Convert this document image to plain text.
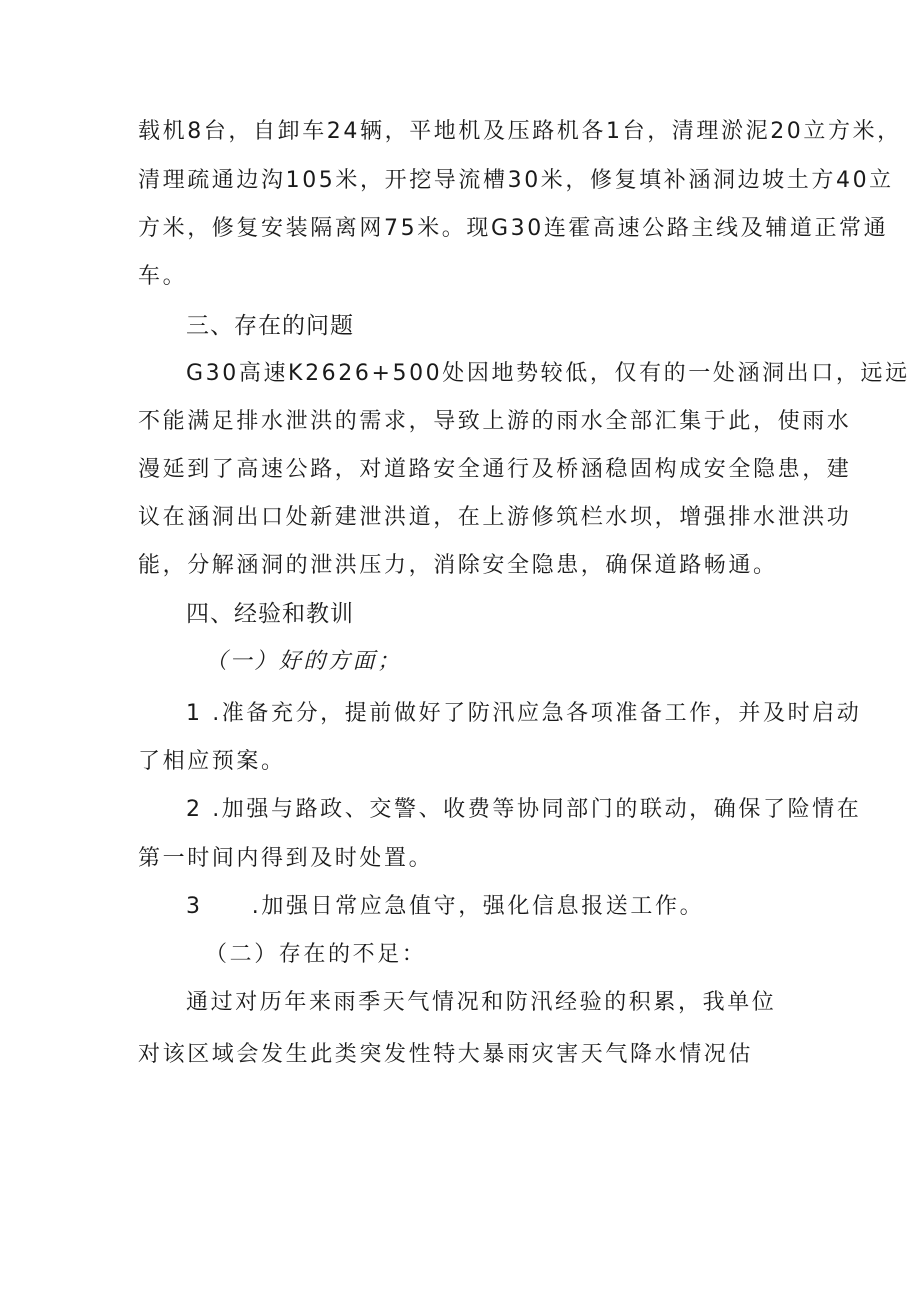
载机8台，自卸车24辆，平地机及压路机各1台，清理淤泥20立方米，
清理疏通边沟105米，开挖导流槽30米，修复填补涵洞边坡土方40立
方米，修复安装隔离网75米。现G30连霍高速公路主线及辅道正常通
车。
三、存在的问题
G30高速K2626+500处因地势较低，仅有的一处涵洞出口，远远
不能满足排水泄洪的需求，导致上游的雨水全部汇集于此，使雨水
漫延到了高速公路，对道路安全通行及桥涵稳固构成安全隐患，建
议在涵洞出口处新建泄洪道，在上游修筑栏水坝，增强排水泄洪功
能，分解涵洞的泄洪压力，消除安全隐患，确保道路畅通。
四、经验和教训
（一）好的方面；
1 .准备充分，提前做好了防汛应急各项准备工作，并及时启动
了相应预案。
2 .加强与路政、交警、收费等协同部门的联动，确保了险情在
第一时间内得到及时处置。
3　　.加强日常应急值守，强化信息报送工作。
（二）存在的不足：
通过对历年来雨季天气情况和防汛经验的积累，我单位
对该区域会发生此类突发性特大暴雨灾害天气降水情况估
